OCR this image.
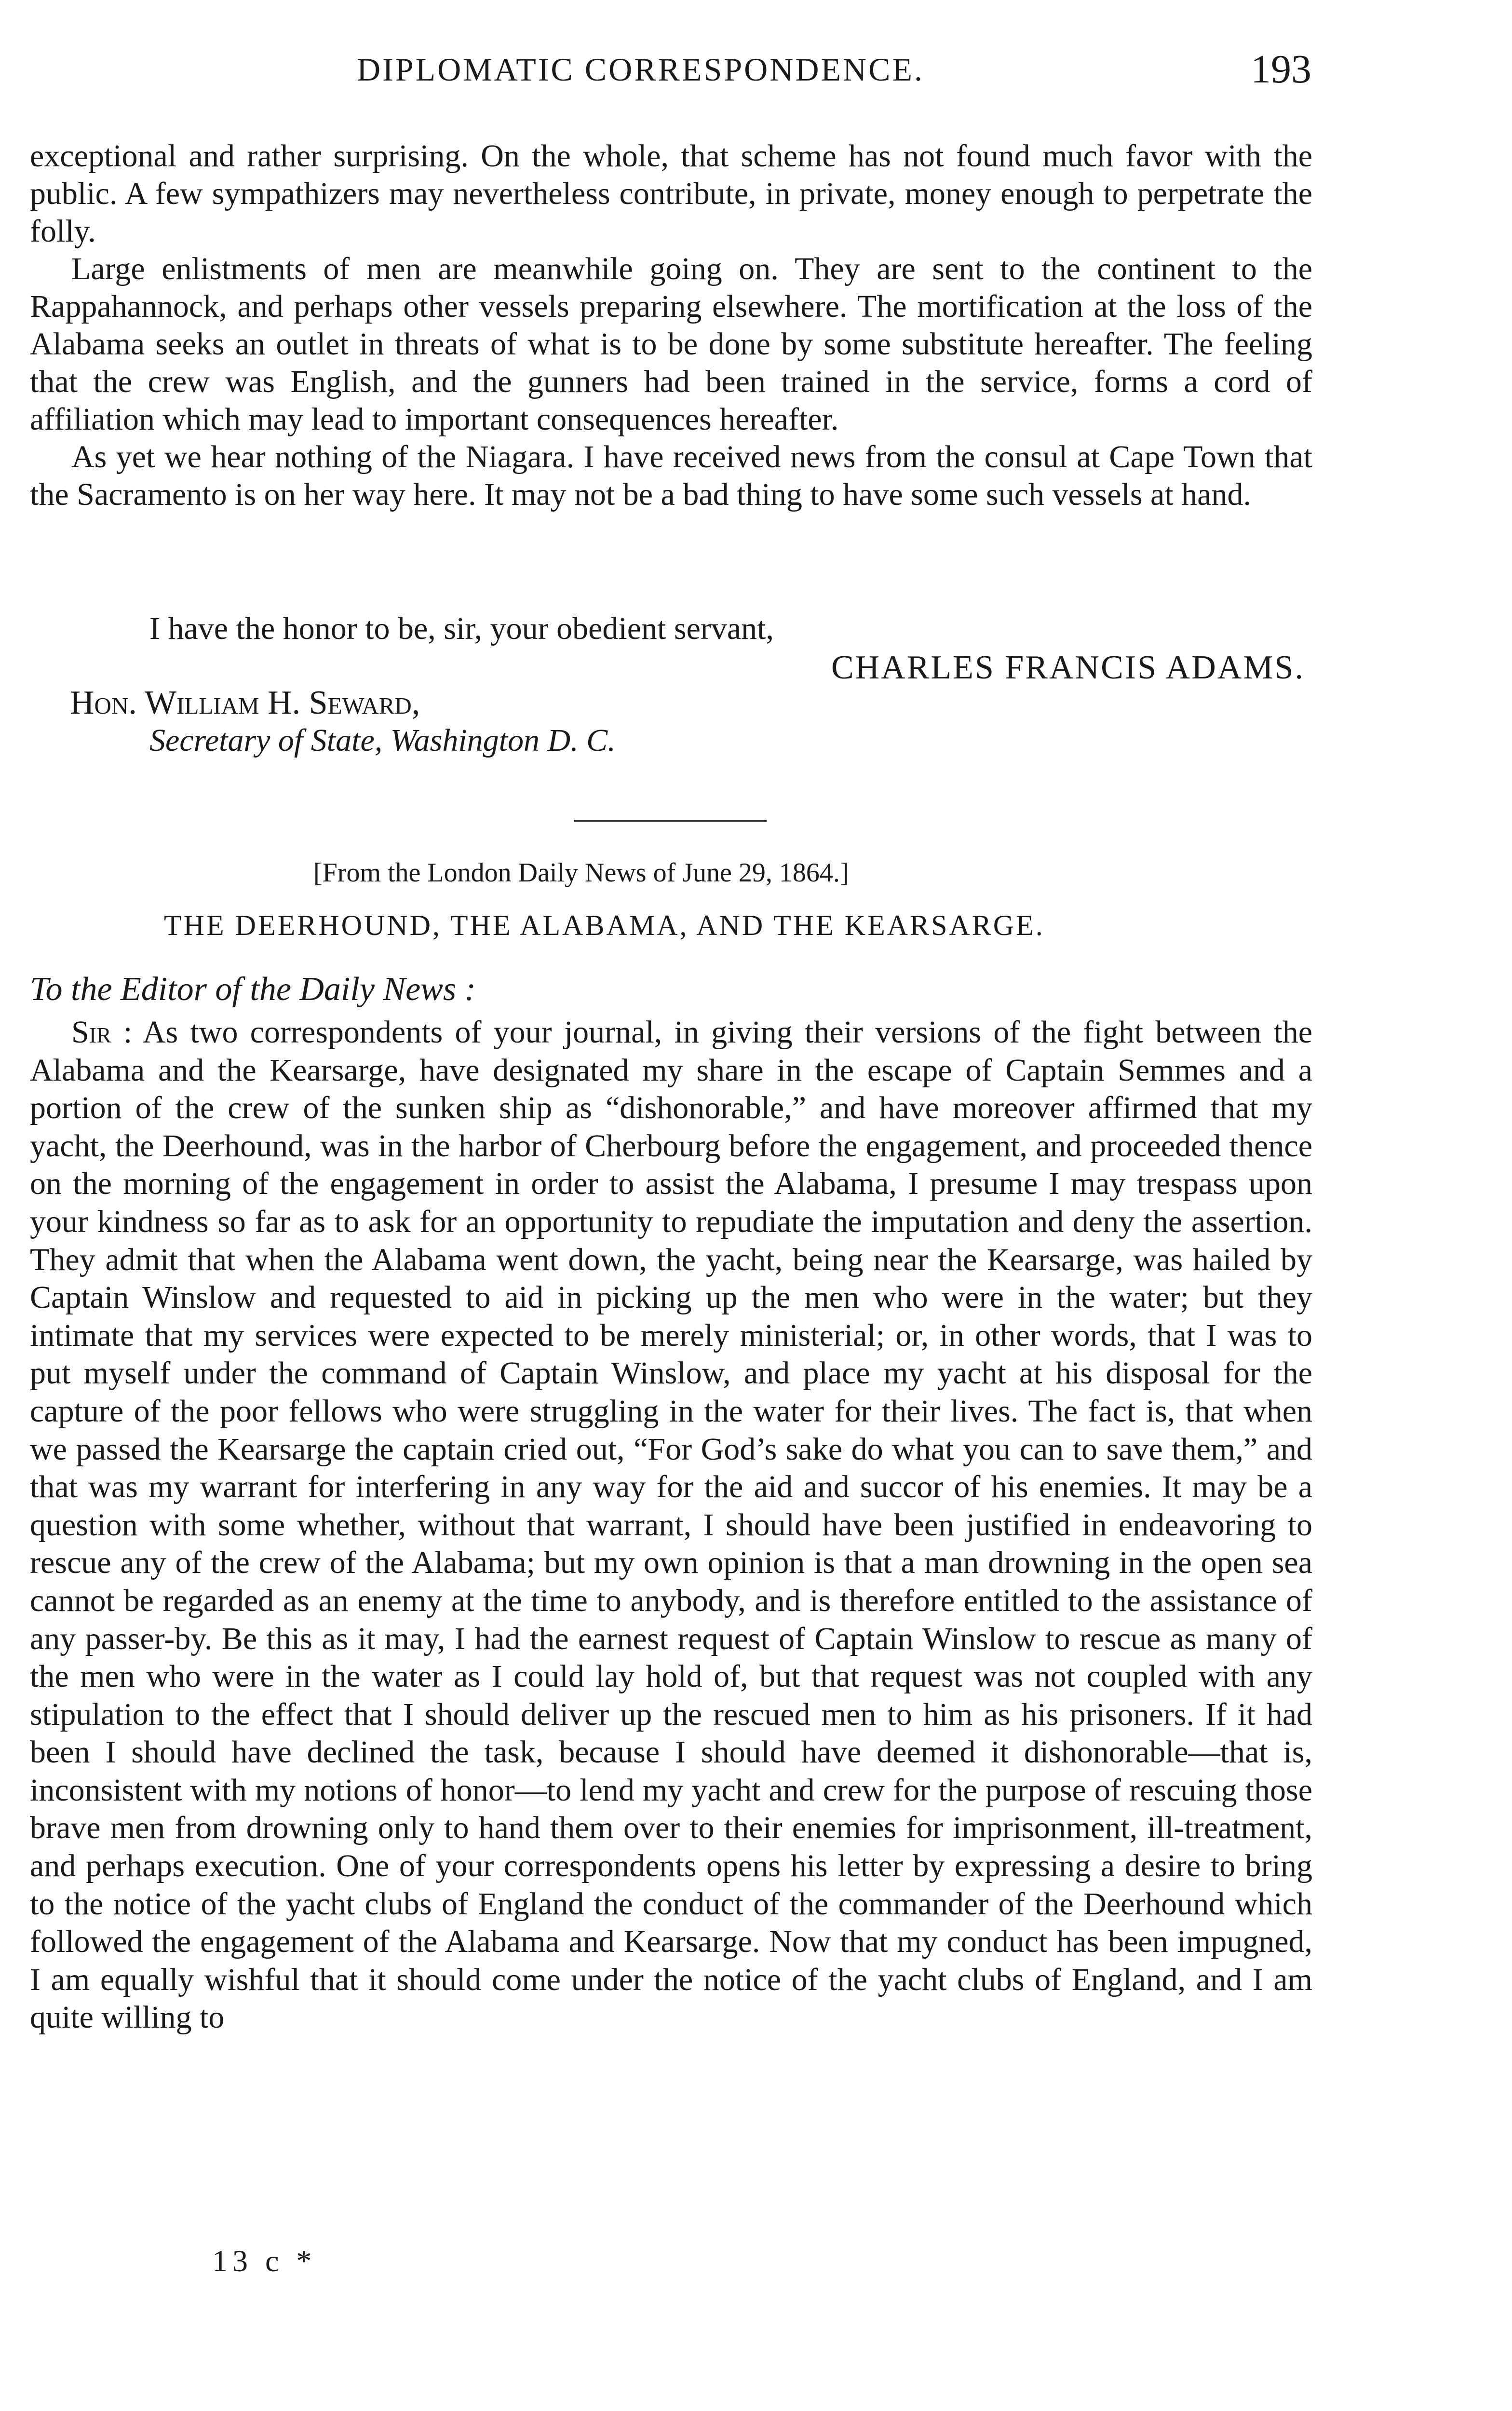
DIPLOMATIC CORRESPONDENCE.	193

exceptional and rather surprising. On the whole, that scheme has not found much favor with the public. A few sympathizers may nevertheless contribute, in private, money enough to perpetrate the folly.

Large enlistments of men are meanwhile going on. They are sent to the continent to the Rappahannock, and perhaps other vessels preparing elsewhere. The mortification at the loss of the Alabama seeks an outlet in threats of what is to be done by some substitute hereafter. The feeling that the crew was English, and the gunners had been trained in the service, forms a cord of affiliation which may lead to important consequences hereafter.

As yet we hear nothing of the Niagara. I have received news from the consul at Cape Town that the Sacramento is on her way here. It may not be a bad thing to have some such vessels at hand.

I have the honor to be, sir, your obedient servant,
CHARLES FRANCIS ADAMS.
Hon. William H. Seward,
Secretary of State, Washington D. C.
[From the London Daily News of June 29, 1864.]
THE DEERHOUND, THE ALABAMA, AND THE KEARSARGE.
To the Editor of the Daily News :

Sir : As two correspondents of your journal, in giving their versions of the fight between the Alabama and the Kearsarge, have designated my share in the escape of Captain Semmes and a portion of the crew of the sunken ship as “dishonorable,” and have moreover affirmed that my yacht, the Deerhound, was in the harbor of Cherbourg before the engagement, and proceeded thence on the morning of the engagement in order to assist the Alabama, I presume I may trespass upon your kindness so far as to ask for an opportunity to repudiate the imputation and deny the assertion. They admit that when the Alabama went down, the yacht, being near the Kearsarge, was hailed by Captain Winslow and requested to aid in picking up the men who were in the water; but they intimate that my services were expected to be merely ministerial; or, in other words, that I was to put myself under the command of Captain Winslow, and place my yacht at his disposal for the capture of the poor fellows who were struggling in the water for their lives. The fact is, that when we passed the Kearsarge the captain cried out, “For God’s sake do what you can to save them,” and that was my warrant for interfering in any way for the aid and succor of his enemies. It may be a question with some whether, without that warrant, I should have been justified in endeavoring to rescue any of the crew of the Alabama; but my own opinion is that a man drowning in the open sea cannot be regarded as an enemy at the time to anybody, and is therefore entitled to the assistance of any passer-by. Be this as it may, I had the earnest request of Captain Winslow to rescue as many of the men who were in the water as I could lay hold of, but that request was not coupled with any stipulation to the effect that I should deliver up the rescued men to him as his prisoners. If it had been I should have declined the task, because I should have deemed it dishonorable—that is, inconsistent with my notions of honor—to lend my yacht and crew for the purpose of rescuing those brave men from drowning only to hand them over to their enemies for imprisonment, ill-treatment, and perhaps execution. One of your correspondents opens his letter by expressing a desire to bring to the notice of the yacht clubs of England the conduct of the commander of the Deerhound which followed the engagement of the Alabama and Kearsarge. Now that my conduct has been impugned, I am equally wishful that it should come under the notice of the yacht clubs of England, and I am quite willing to

13 c *
